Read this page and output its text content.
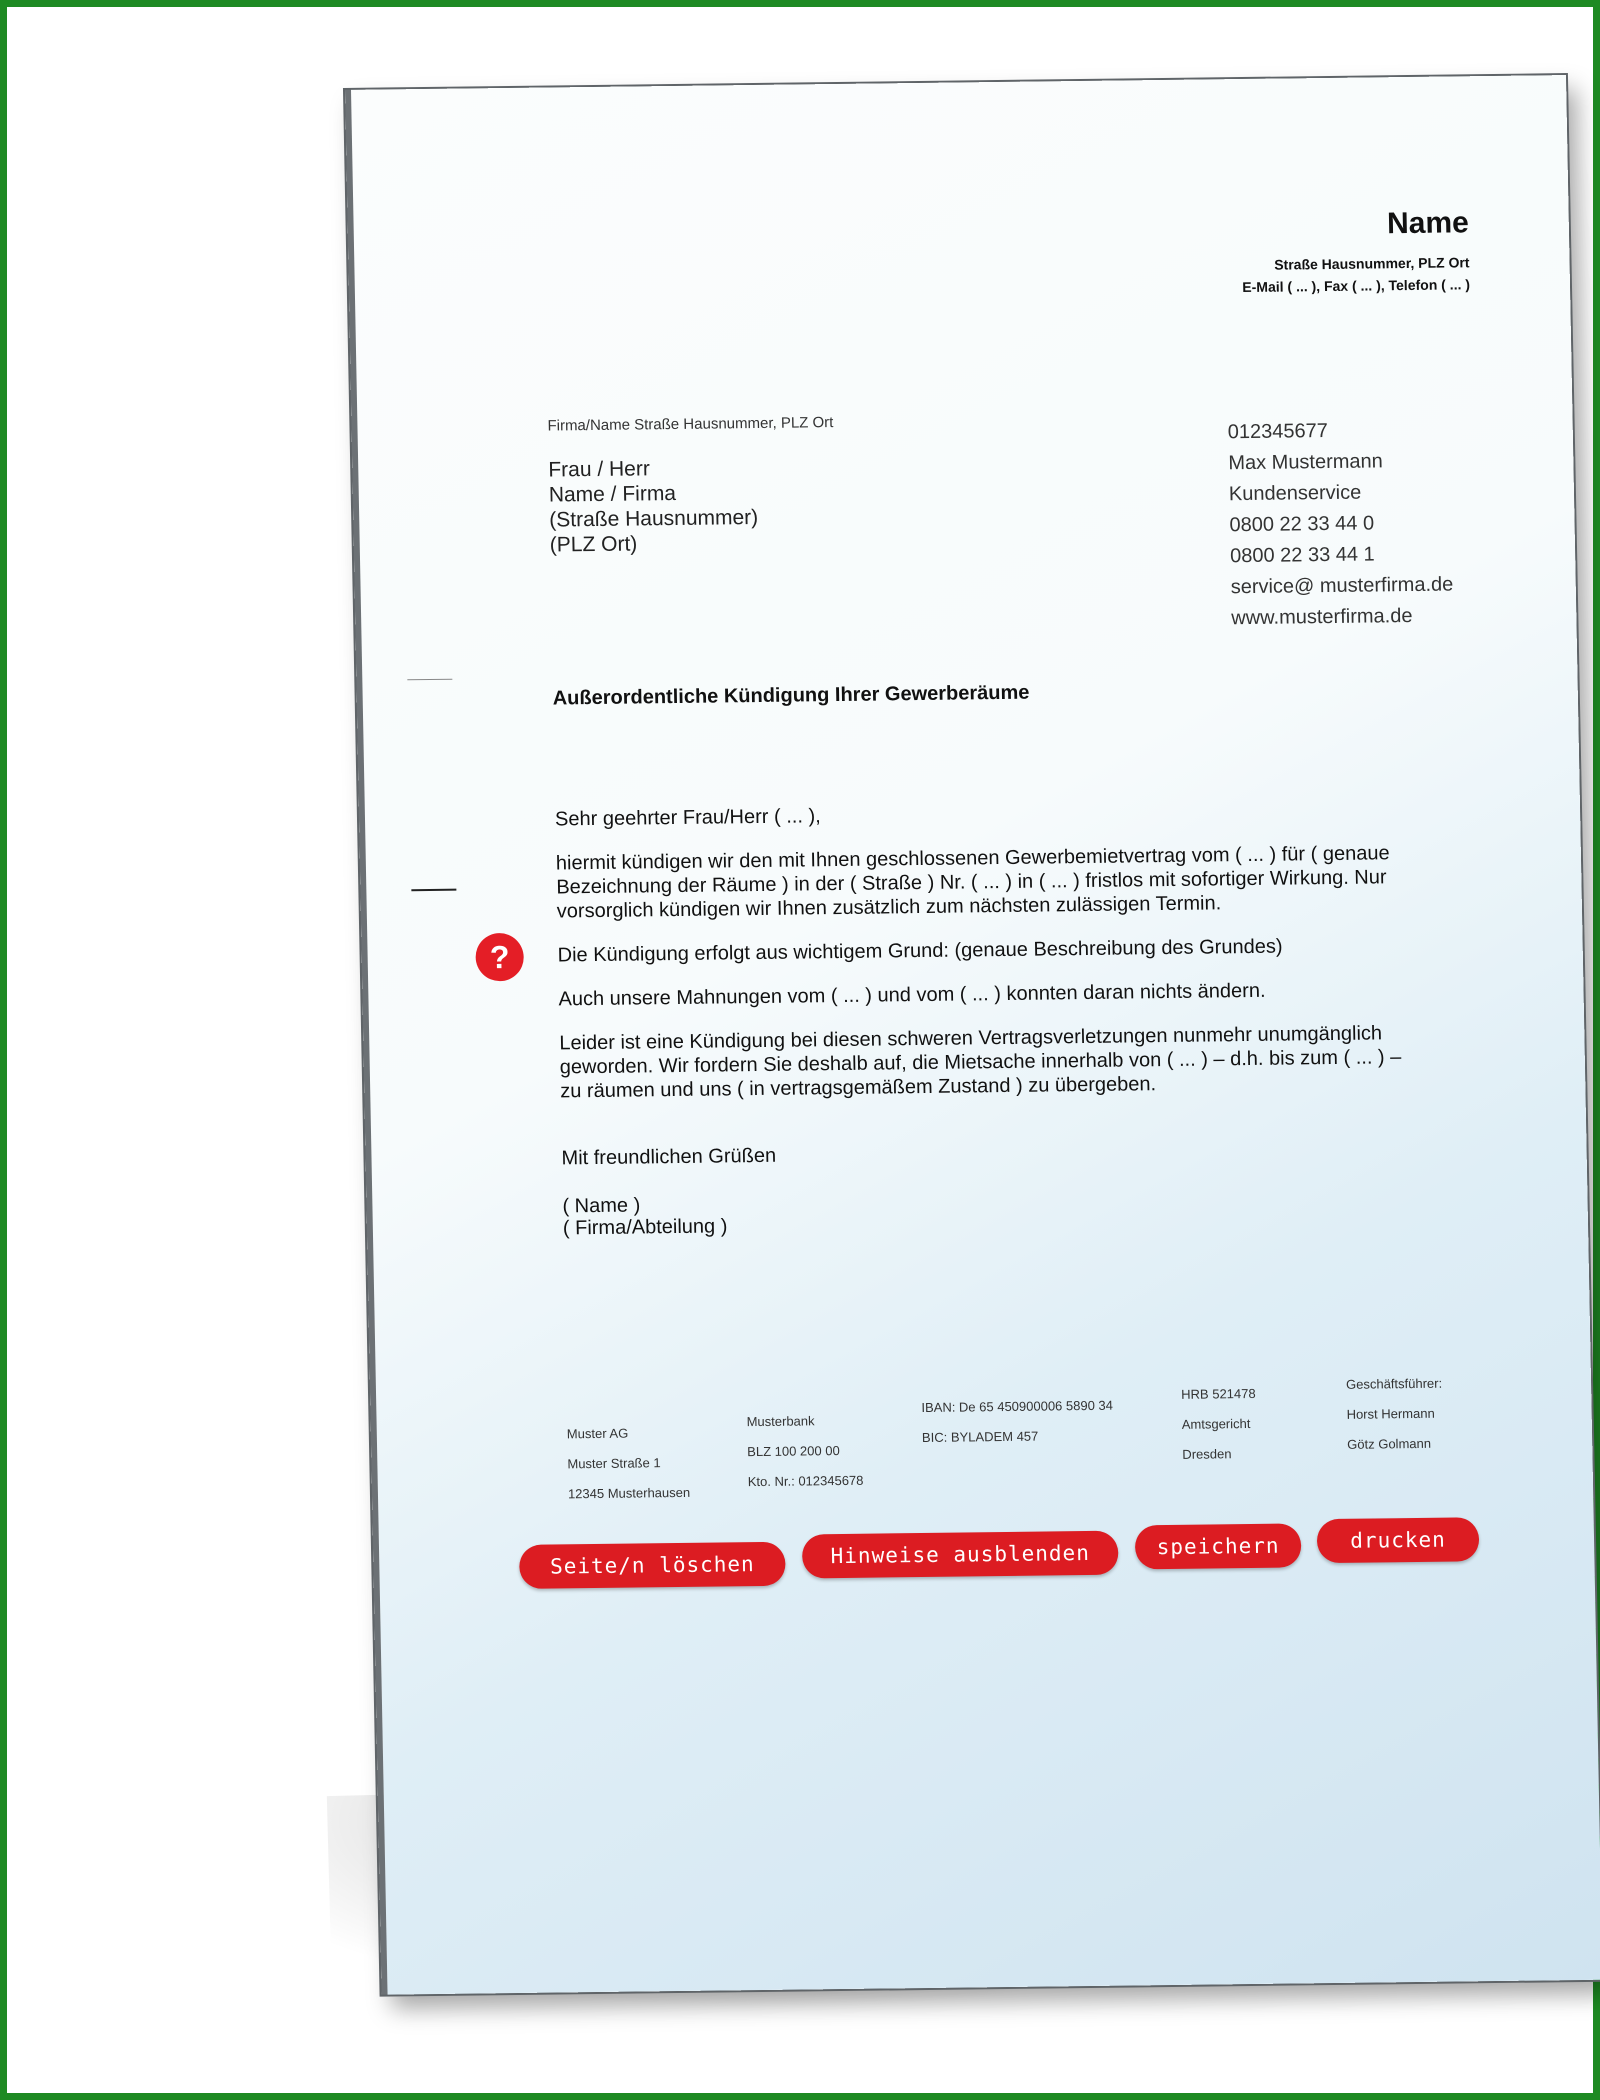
Name
Straße Hausnummer, PLZ Ort
E-Mail ( ... ), Fax ( ... ), Telefon ( ... )
Firma/Name Straße Hausnummer, PLZ Ort
Frau / Herr
Name / Firma
(Straße Hausnummer)
(PLZ Ort)
012345677
Max Mustermann
Kundenservice
0800 22 33 44 0
0800 22 33 44 1
service@ musterfirma.de
www.musterfirma.de
Außerordentliche Kündigung Ihrer Gewerberäume

Sehr geehrter Frau/Herr ( ... ),

hiermit kündigen wir den mit Ihnen geschlossenen Gewerbemietvertrag vom ( ... ) für ( genaue Bezeichnung der Räume ) in der ( Straße ) Nr. ( ... ) in ( ... ) fristlos mit sofortiger Wirkung. Nur vorsorglich kündigen wir Ihnen zusätzlich zum nächsten zulässigen Termin.

Die Kündigung erfolgt aus wichtigem Grund: (genaue Beschreibung des Grundes)

Auch unsere Mahnungen vom ( ... ) und vom ( ... ) konnten daran nichts ändern.

Leider ist eine Kündigung bei diesen schweren Vertragsverletzungen nunmehr unumgänglich geworden. Wir fordern Sie deshalb auf, die Mietsache innerhalb von ( ... ) – d.h. bis zum ( ... ) – zu räumen und uns ( in vertragsgemäßem Zustand ) zu übergeben.

?
Mit freundlichen Grüßen
( Name )
( Firma/Abteilung )
Muster AG
Muster Straße 1
12345 Musterhausen
Musterbank
BLZ 100 200 00
Kto. Nr.: 012345678
IBAN: De 65 450900006 5890 34
BIC: BYLADEM 457
HRB 521478
Amtsgericht
Dresden
Geschäftsführer:
Horst Hermann
Götz Golmann
Seite/n löschen	Hinweise ausblenden	speichern	drucken
